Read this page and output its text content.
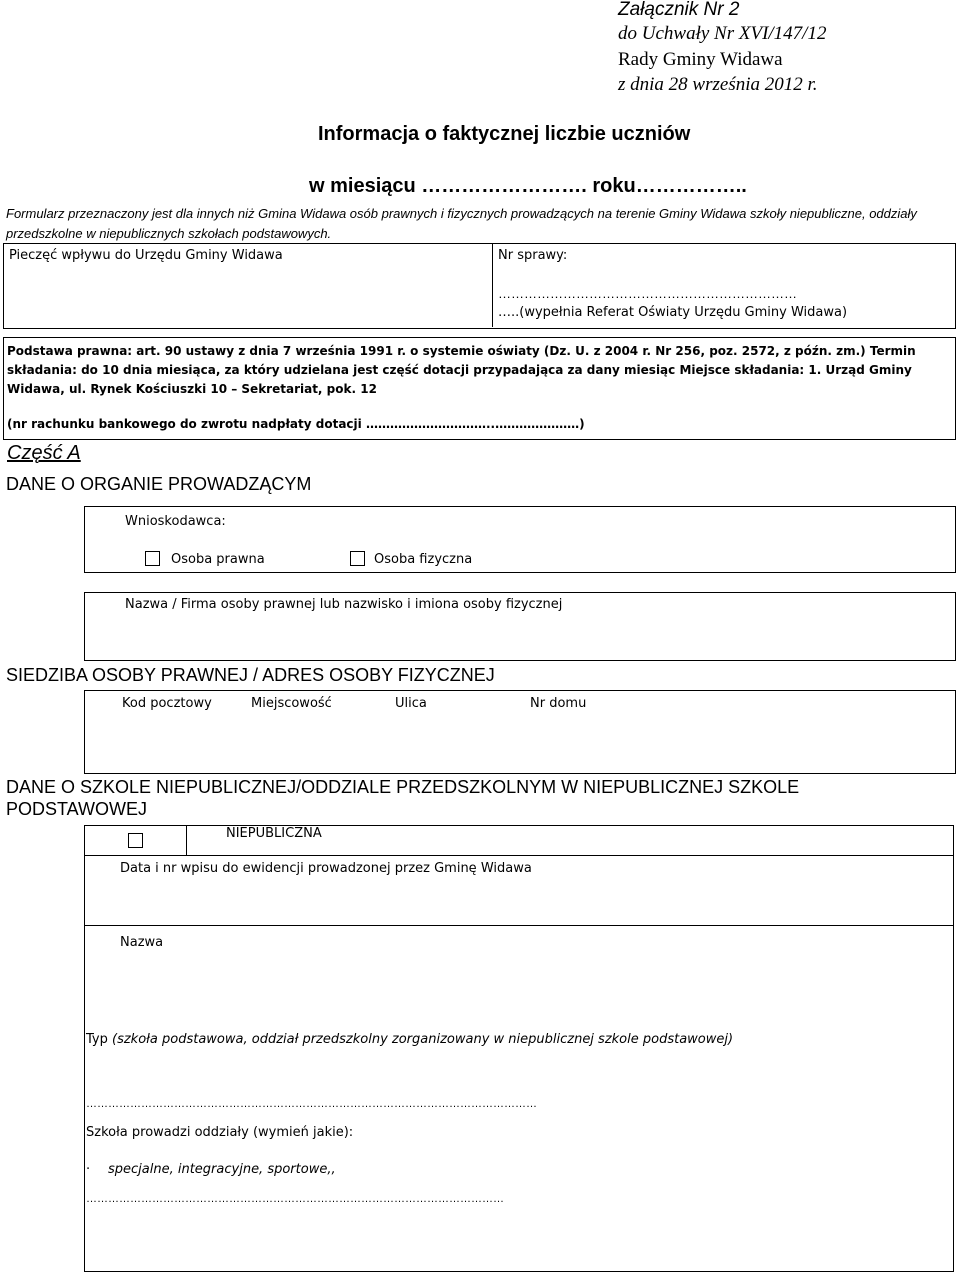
Załącznik Nr 2
do Uchwały Nr XVI/147/12
Rady Gminy Widawa
z dnia 28 września 2012 r.
Informacja o faktycznej liczbie uczniów
w miesiącu ……………………. roku……………..
Formularz przeznaczony jest dla innych niż Gmina Widawa osób prawnych i fizycznych prowadzących na terenie Gminy Widawa szkoły niepubliczne, oddziały przedszkolne w niepublicznych szkołach podstawowych.
Pieczęć wpływu do Urzędu Gminy Widawa	Nr sprawy:
……………………………………………………………
…..(wypełnia Referat Oświaty Urzędu Gminy Widawa)
Podstawa prawna: art. 90 ustawy z dnia 7 września 1991 r. o systemie oświaty (Dz. U. z 2004 r. Nr 256, poz. 2572, z późn. zm.) Termin składania: do 10 dnia miesiąca, za który udzielana jest część dotacji przypadająca za dany miesiąc Miejsce składania: 1. Urząd Gminy Widawa, ul. Rynek Kościuszki 10 – Sekretariat, pok. 12
(nr rachunku bankowego do zwrotu nadpłaty dotacji …………………………..…………………)
Część A
DANE O ORGANIE PROWADZĄCYM
Wnioskodawca:
Osoba prawna	Osoba fizyczna
Nazwa / Firma osoby prawnej lub nazwisko i imiona osoby fizycznej
SIEDZIBA OSOBY PRAWNEJ / ADRES OSOBY FIZYCZNEJ
Kod pocztowy	Miejscowość	Ulica	Nr domu
DANE O SZKOLE NIEPUBLICZNEJ/ODDZIALE PRZEDSZKOLNYM W NIEPUBLICZNEJ SZKOLE
PODSTAWOWEJ
NIEPUBLICZNA
Data i nr wpisu do ewidencji prowadzonej przez Gminę Widawa
Nazwa
Typ (szkoła podstawowa, oddział przedszkolny zorganizowany w niepublicznej szkole podstawowej)
……………………………………………………………………………………………………………
Szkoła prowadzi oddziały (wymień jakie):
· specjalne, integracyjne, sportowe,,
……………………………………………………………………………………………………
